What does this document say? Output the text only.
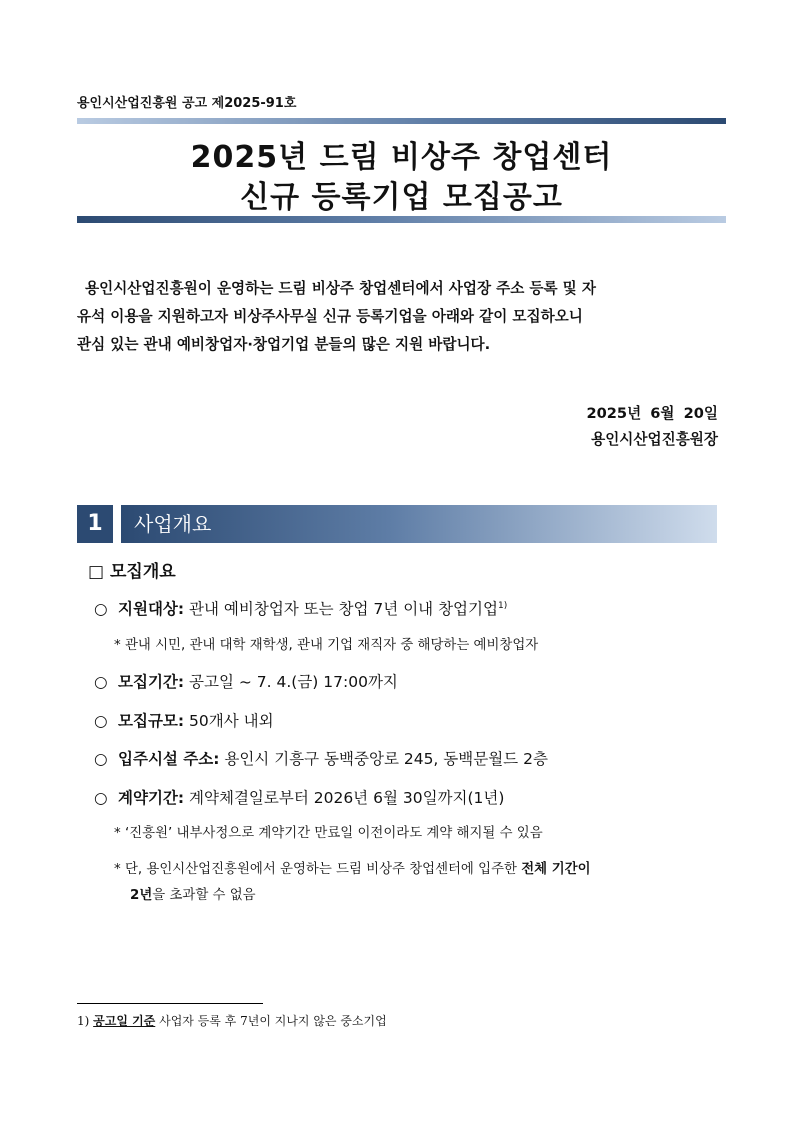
용인시산업진흥원 공고 제2025-91호
2025년 드림 비상주 창업센터
신규 등록기업 모집공고

용인시산업진흥원이 운영하는 드림 비상주 창업센터에서 사업장 주소 등록 및 자

유석 이용을 지원하고자 비상주사무실 신규 등록기업을 아래와 같이 모집하오니

관심 있는 관내 예비창업자·창업기업 분들의 많은 지원 바랍니다.

2025년 6월 20일
용인시산업진흥원장
1	사업개요
□ 모집개요
○ 지원대상: 관내 예비창업자 또는 창업 7년 이내 창업기업$^{1)}$
* 관내 시민, 관내 대학 재학생, 관내 기업 재직자 중 해당하는 예비창업자
○ 모집기간: 공고일 ~ 7. 4.(금) 17:00까지
○ 모집규모: 50개사 내외
○ 입주시설 주소: 용인시 기흥구 동백중앙로 245, 동백문월드 2층
○ 계약기간: 계약체결일로부터 2026년 6월 30일까지(1년)
* ‘진흥원’ 내부사정으로 계약기간 만료일 이전이라도 계약 해지될 수 있음
* 단, 용인시산업진흥원에서 운영하는 드림 비상주 창업센터에 입주한 전체 기간이
2년을 초과할 수 없음
1) 공고일 기준 사업자 등록 후 7년이 지나지 않은 중소기업
